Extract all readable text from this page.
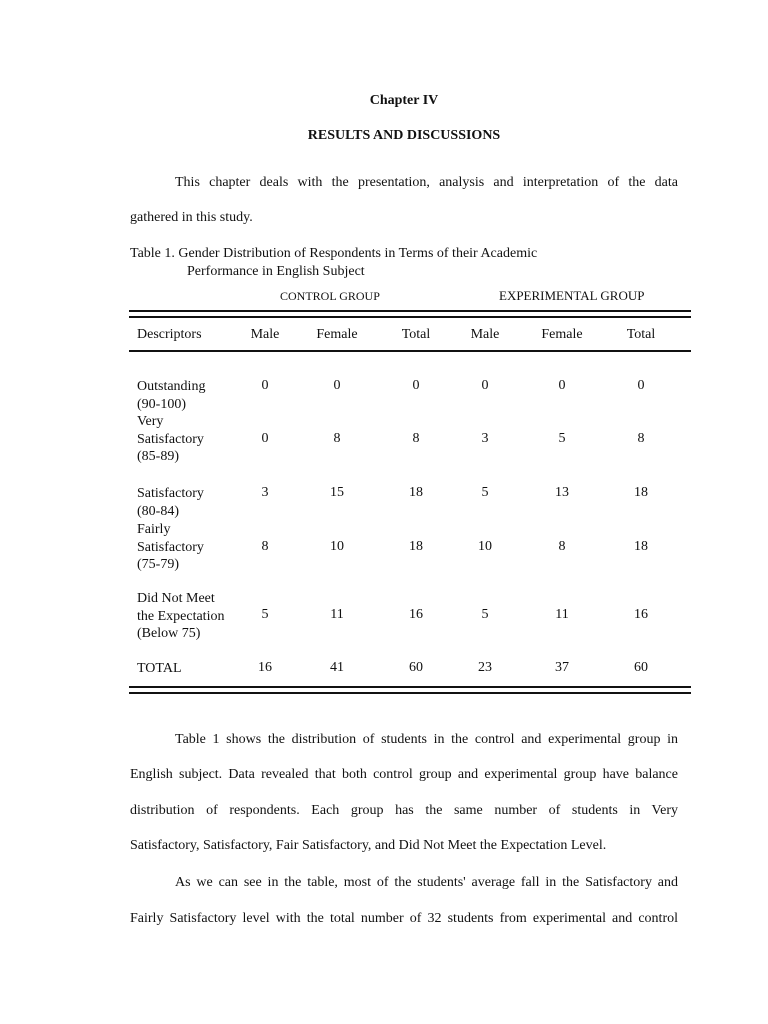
Chapter IV
RESULTS AND DISCUSSIONS
This chapter deals with the presentation, analysis and interpretation of the data
gathered in this study.
Table 1. Gender Distribution of Respondents in Terms of their Academic
Performance in English Subject
CONTROL GROUP	EXPERIMENTAL GROUP
Descriptors	Male	Female	Total	Male	Female	Total
Outstanding
(90-100)
0	0	0	0	0	0
Very
Satisfactory
(85-89)
0	8	8	3	5	8
Satisfactory
(80-84)
3	15	18	5	13	18
Fairly
Satisfactory
(75-79)
8	10	18	10	8	18
Did Not Meet
the Expectation
(Below 75)
5	11	16	5	11	16
TOTAL	16	41	60	23	37	60
Table 1 shows the distribution of students in the control and experimental group in
English subject. Data revealed that both control group and experimental group have balance
distribution of respondents. Each group has the same number of students in Very
Satisfactory, Satisfactory, Fair Satisfactory, and Did Not Meet the Expectation Level.
As we can see in the table, most of the students' average fall in the Satisfactory and
Fairly Satisfactory level with the total number of 32 students from experimental and control
